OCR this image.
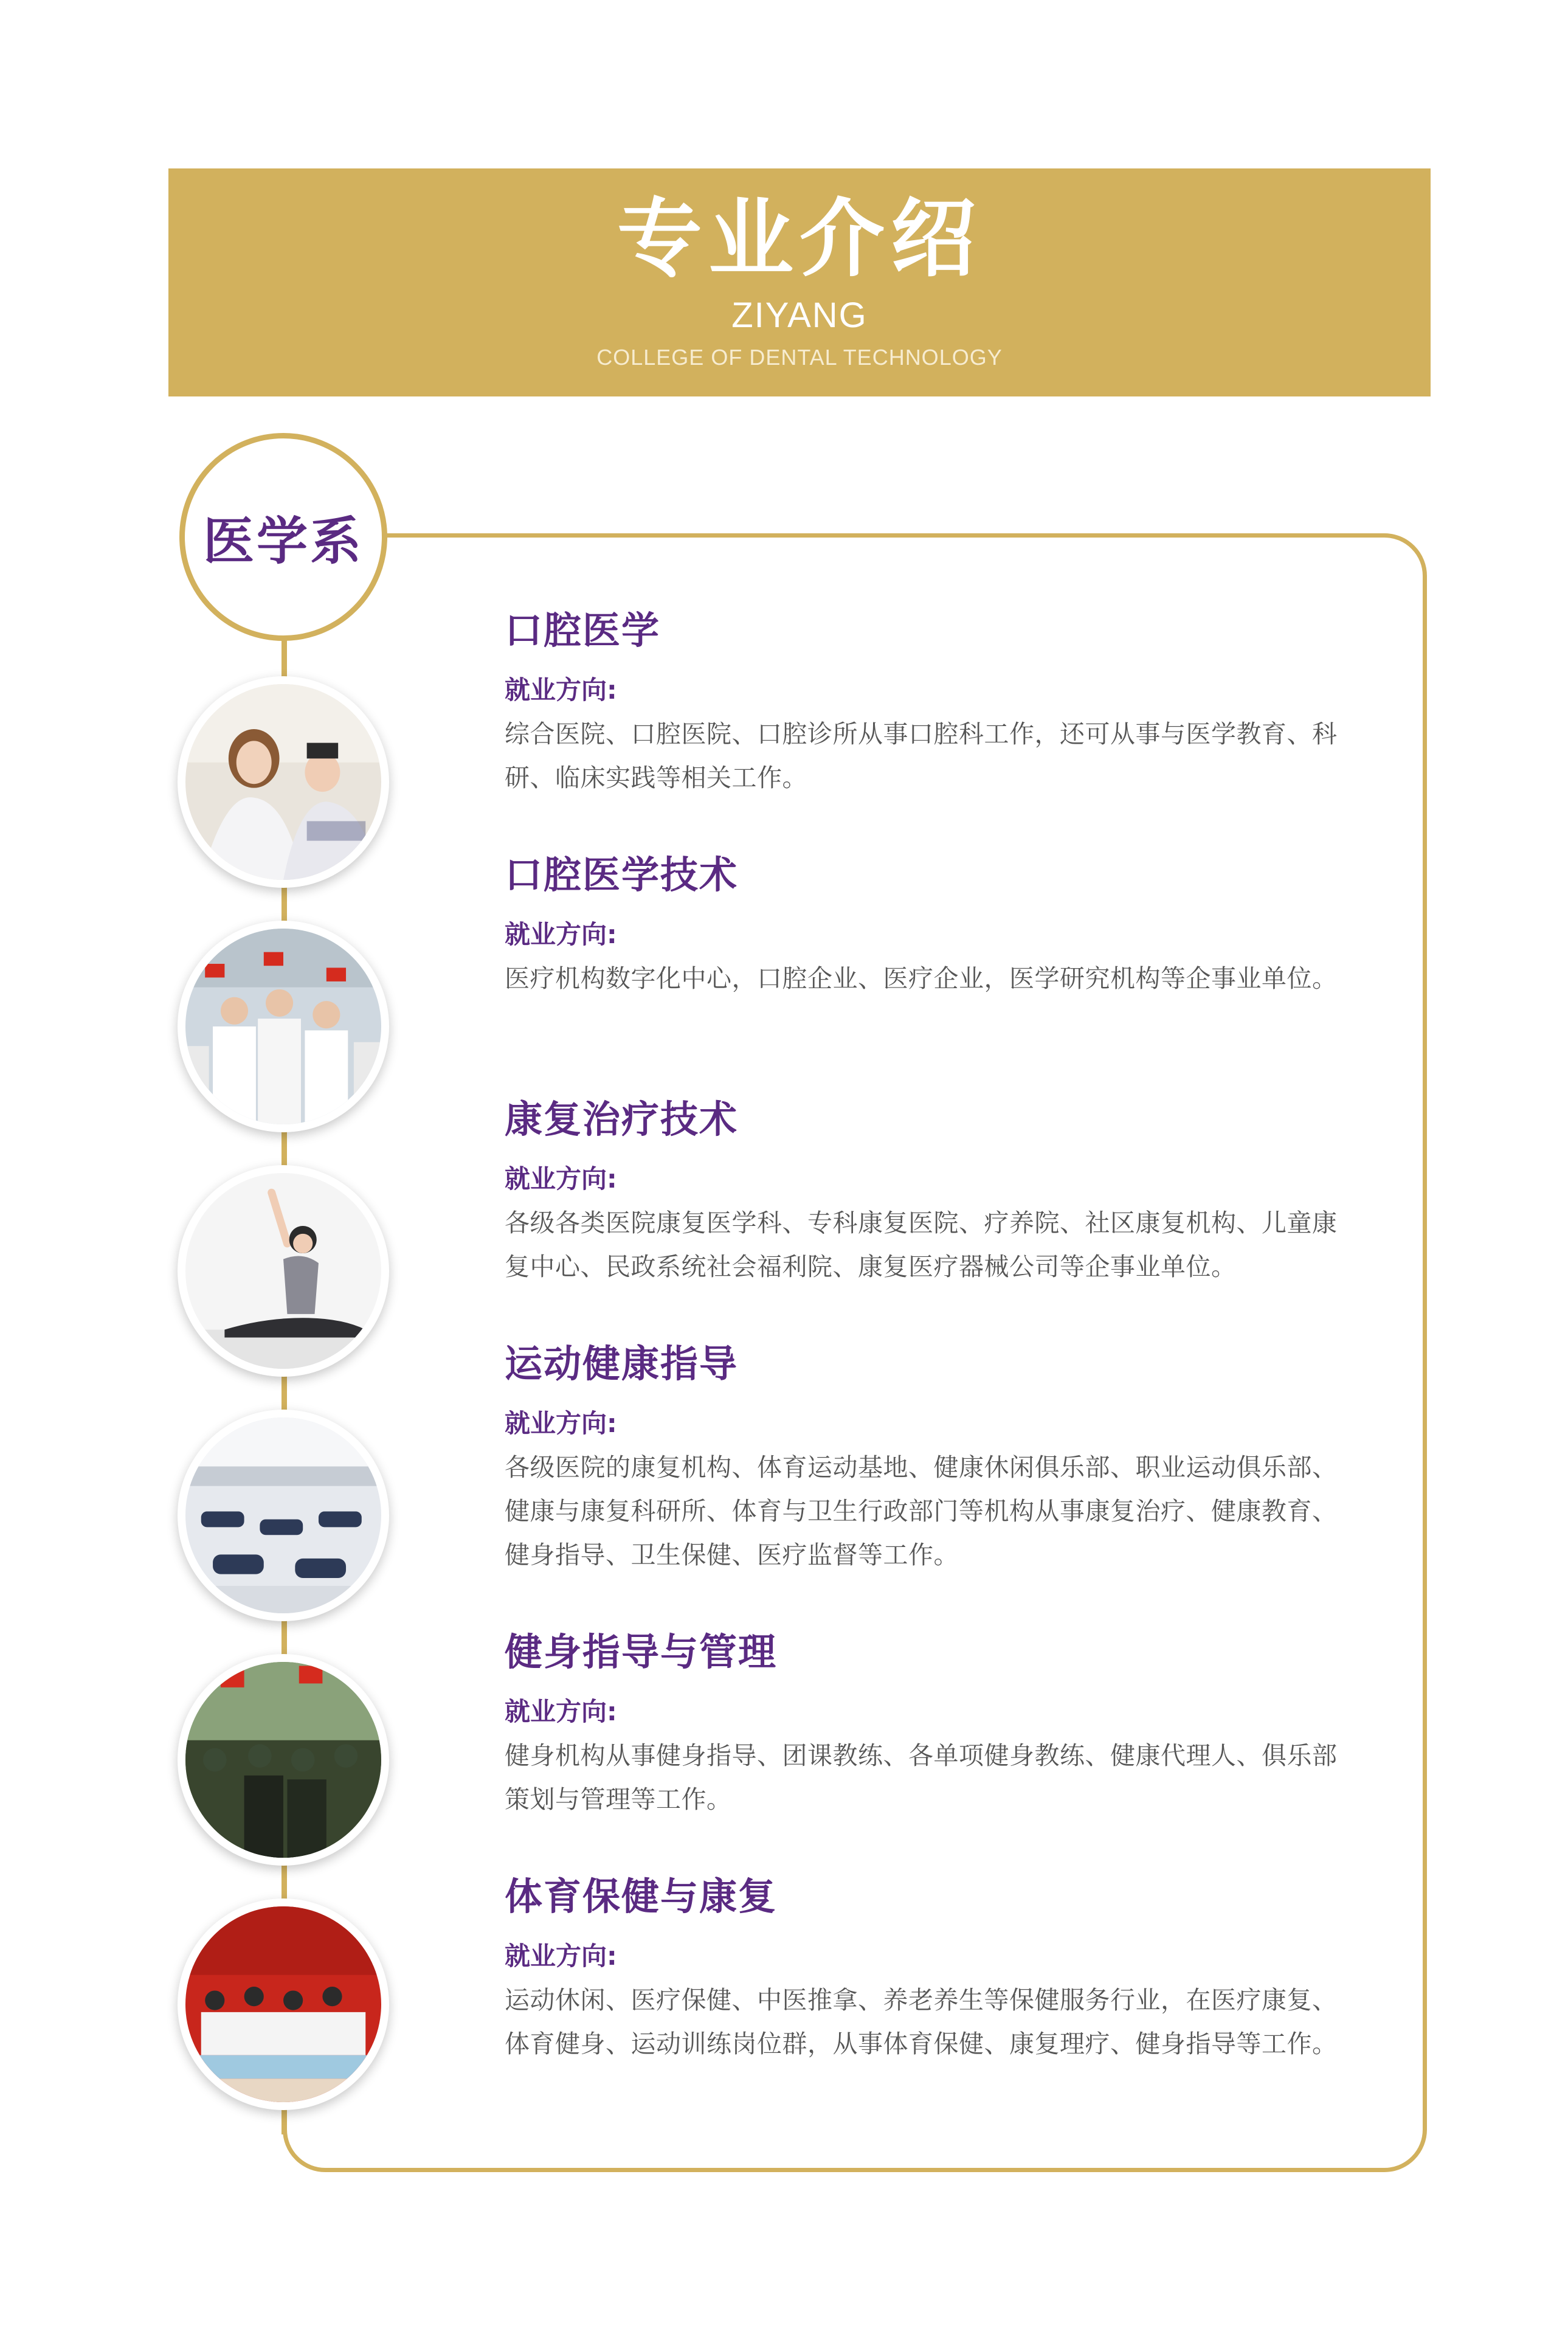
专业介绍
ZIYANG
COLLEGE OF DENTAL TECHNOLOGY
医学系
口腔医学
就业方向:
综合医院、口腔医院、口腔诊所从事口腔科工作，还可从事与医学教育、科研、临床实践等相关工作。
口腔医学技术
就业方向:
医疗机构数字化中心，口腔企业、医疗企业，医学研究机构等企事业单位。
康复治疗技术
就业方向:
各级各类医院康复医学科、专科康复医院、疗养院、社区康复机构、儿童康复中心、民政系统社会福利院、康复医疗器械公司等企事业单位。
运动健康指导
就业方向:
各级医院的康复机构、体育运动基地、健康休闲俱乐部、职业运动俱乐部、健康与康复科研所、体育与卫生行政部门等机构从事康复治疗、健康教育、健身指导、卫生保健、医疗监督等工作。
健身指导与管理
就业方向:
健身机构从事健身指导、团课教练、各单项健身教练、健康代理人、俱乐部策划与管理等工作。
体育保健与康复
就业方向:
运动休闲、医疗保健、中医推拿、养老养生等保健服务行业，在医疗康复、体育健身、运动训练岗位群，从事体育保健、康复理疗、健身指导等工作。
